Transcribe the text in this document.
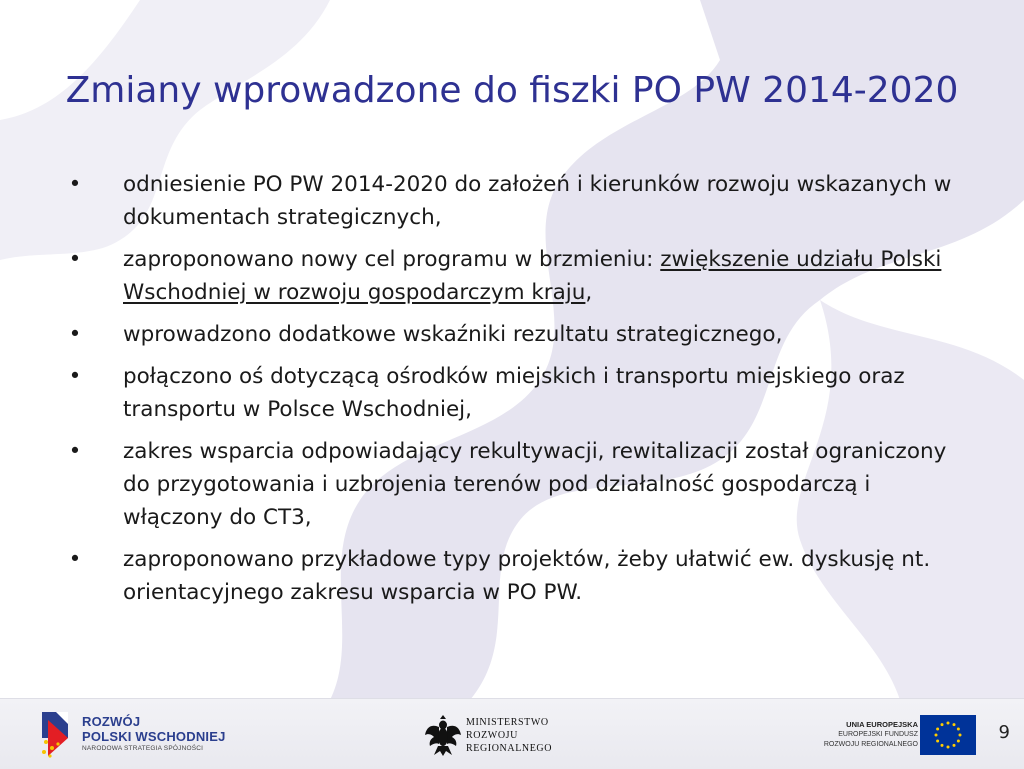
Zmiany wprowadzone do fiszki PO PW 2014-2020
•	odniesienie PO PW 2014-2020 do założeń i kierunków rozwoju wskazanych w dokumentach strategicznych,
•	zaproponowano nowy cel programu w brzmieniu: zwiększenie udziału Polski Wschodniej w rozwoju gospodarczym kraju,
•	wprowadzono dodatkowe wskaźniki rezultatu strategicznego,
•	połączono oś dotyczącą ośrodków miejskich i transportu miejskiego oraz transportu w Polsce Wschodniej,
•	zakres wsparcia odpowiadający rekultywacji, rewitalizacji został ograniczony do przygotowania i uzbrojenia terenów pod działalność gospodarczą i włączony do CT3,
•	zaproponowano przykładowe typy projektów, żeby ułatwić ew. dyskusję nt. orientacyjnego zakresu wsparcia w PO PW.
ROZWÓJ
POLSKI WSCHODNIEJ
NARODOWA STRATEGIA SPÓJNOŚCI
MINISTERSTWO
ROZWOJU
REGIONALNEGO
UNIA EUROPEJSKA
EUROPEJSKI FUNDUSZ
ROZWOJU REGIONALNEGO
9
